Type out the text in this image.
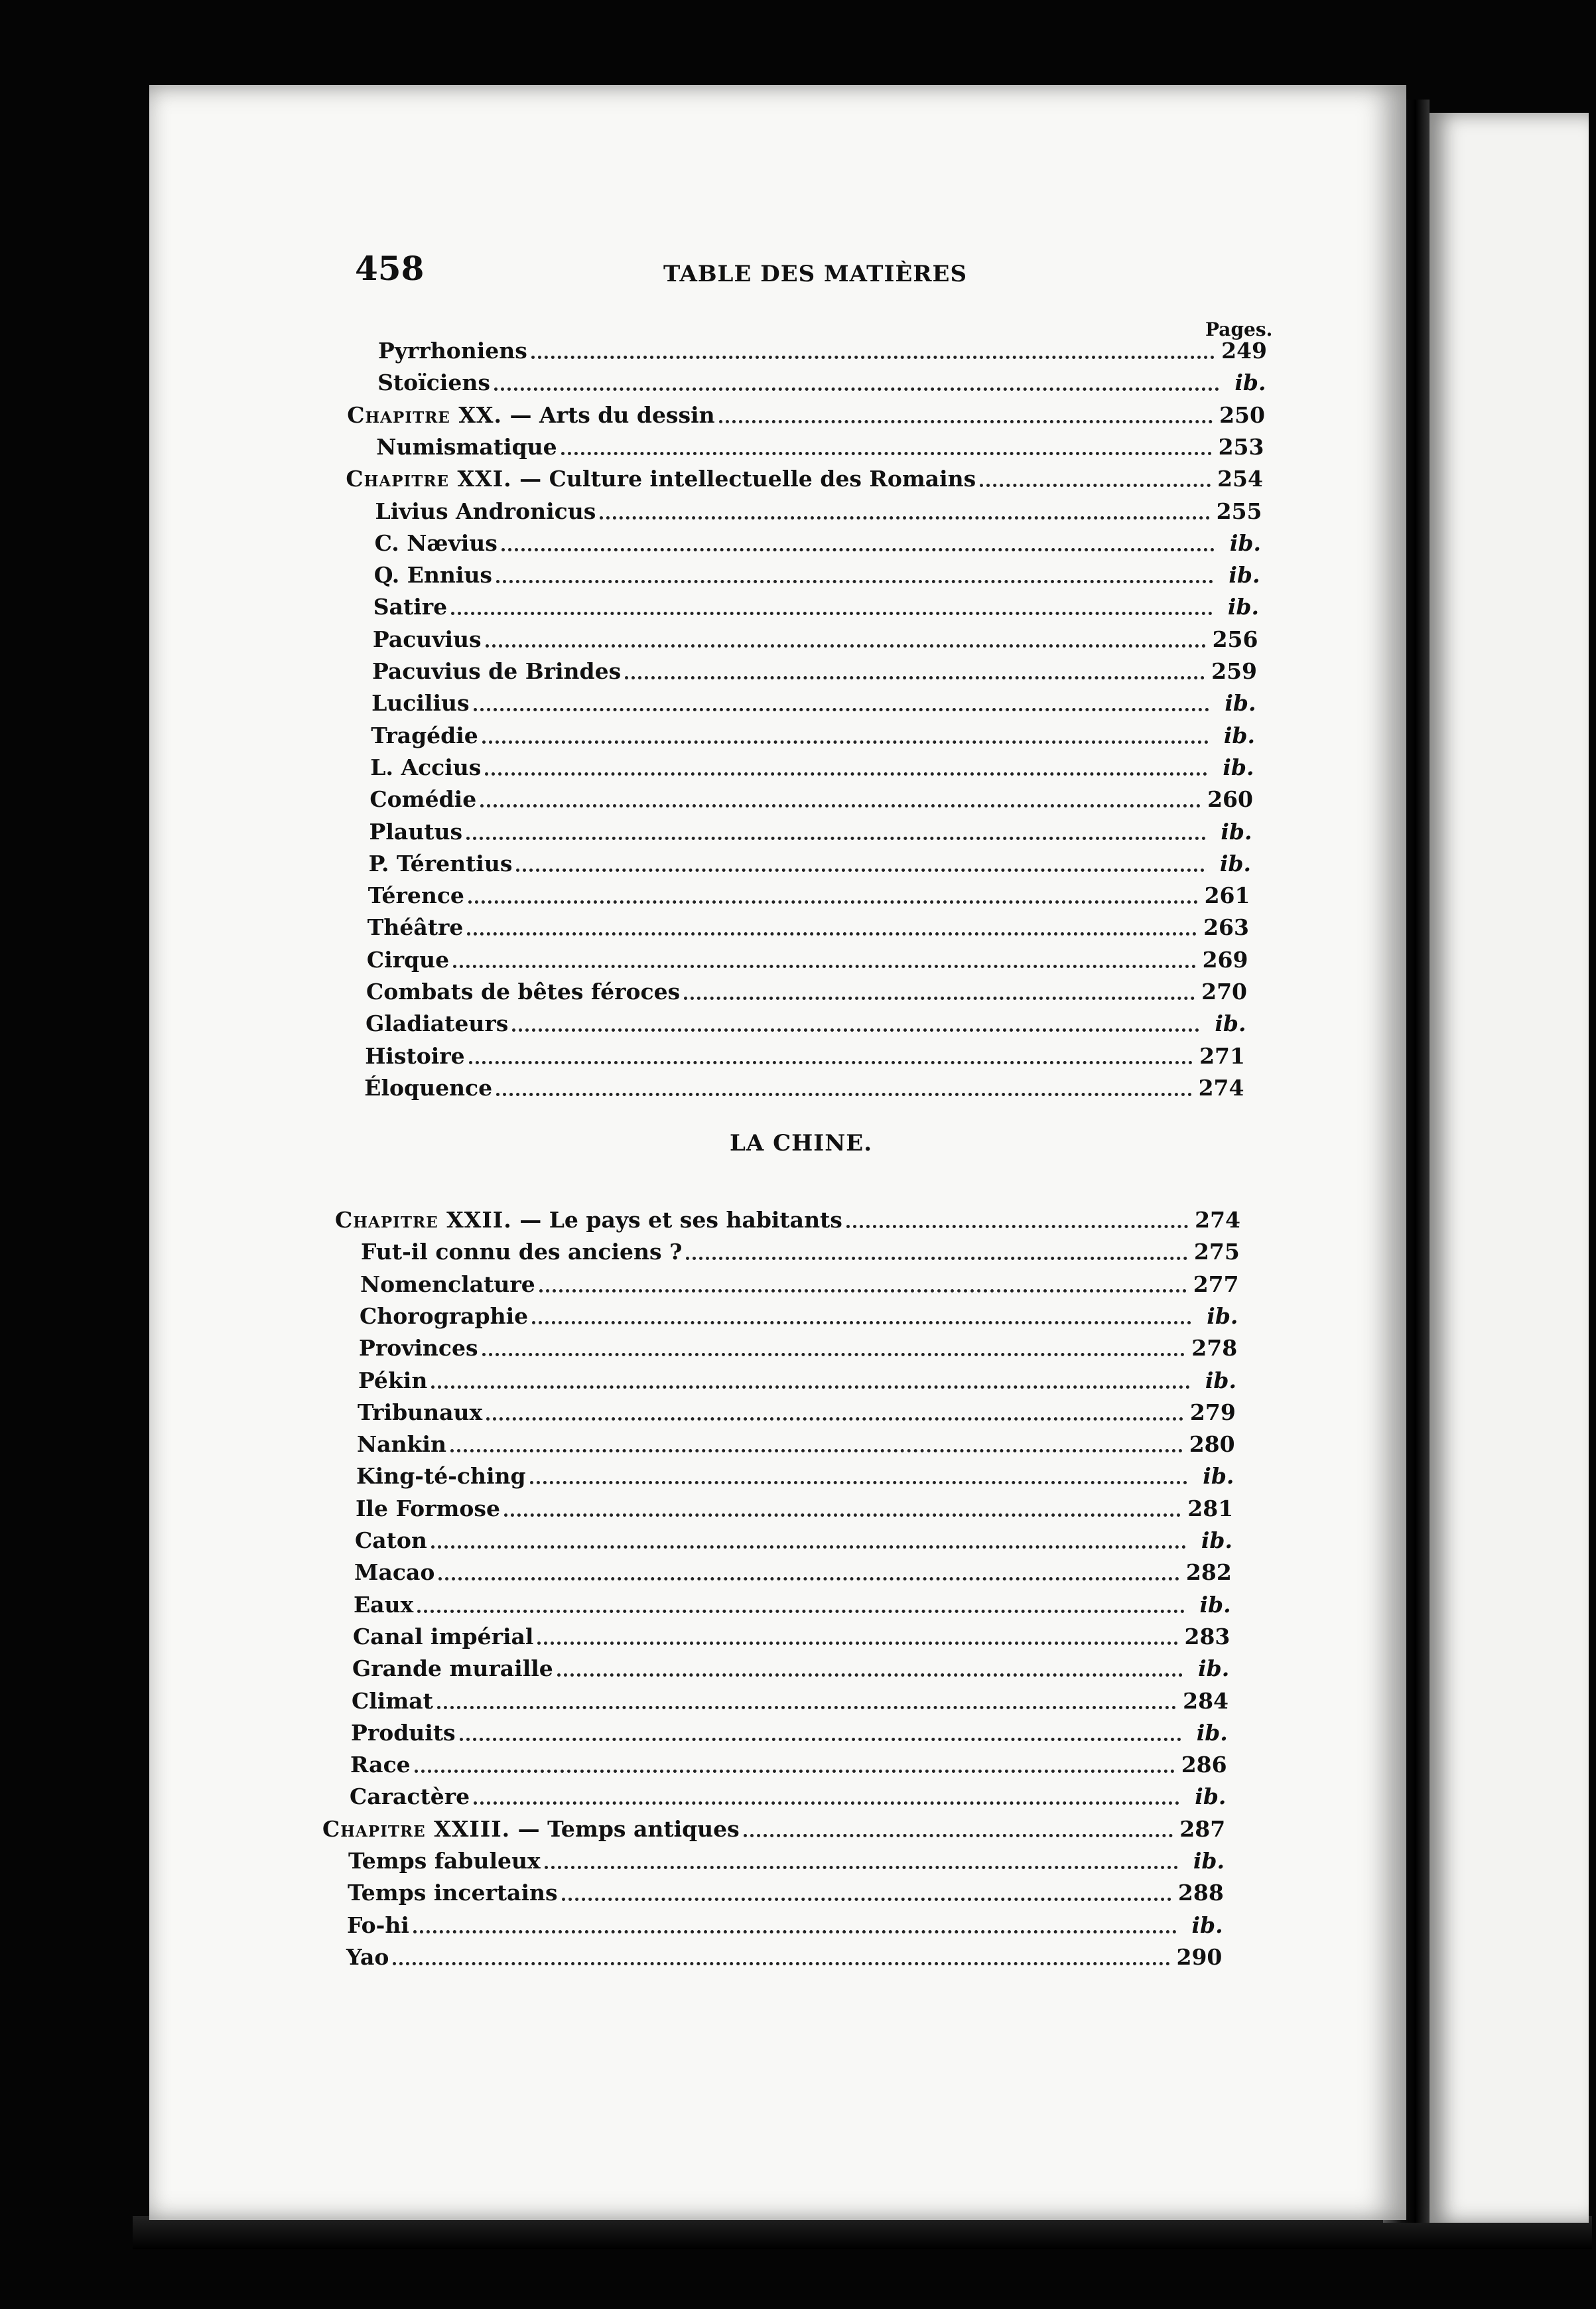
458	TABLE DES MATIÈRES
Pages.
LA CHINE.
Pyrrhoniens	249
Stoïciens	ib.
Chapitre XX. — Arts du dessin	250
Numismatique	253
Chapitre XXI. — Culture intellectuelle des Romains	254
Livius Andronicus	255
C. Nævius	ib.
Q. Ennius	ib.
Satire	ib.
Pacuvius	256
Pacuvius de Brindes	259
Lucilius	ib.
Tragédie	ib.
L. Accius	ib.
Comédie	260
Plautus	ib.
P. Térentius	ib.
Térence	261
Théâtre	263
Cirque	269
Combats de bêtes féroces	270
Gladiateurs	ib.
Histoire	271
Éloquence	274
Chapitre XXII. — Le pays et ses habitants	274
Fut-il connu des anciens ?	275
Nomenclature	277
Chorographie	ib.
Provinces	278
Pékin	ib.
Tribunaux	279
Nankin	280
King-té-ching	ib.
Ile Formose	281
Caton	ib.
Macao	282
Eaux	ib.
Canal impérial	283
Grande muraille	ib.
Climat	284
Produits	ib.
Race	286
Caractère	ib.
Chapitre XXIII. — Temps antiques	287
Temps fabuleux	ib.
Temps incertains	288
Fo-hi	ib.
Yao	290
